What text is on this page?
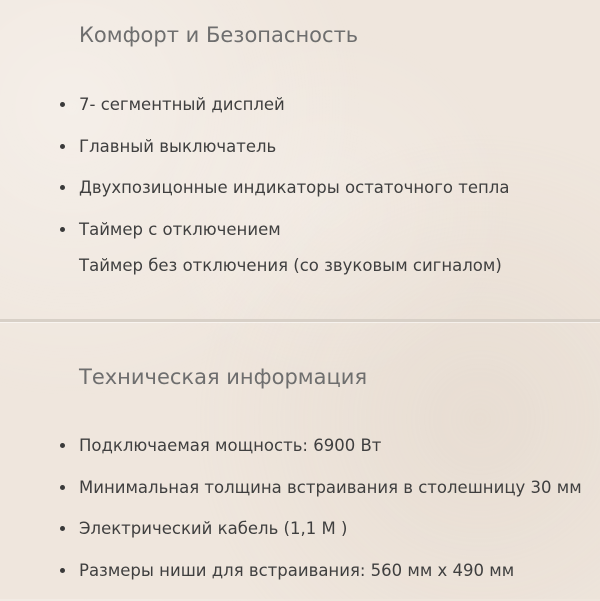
Комфорт и Безопасность
7- сегментный дисплей
Главный выключатель
Двухпозицонные индикаторы остаточного тепла
Таймер с отключением
Таймер без отключения (со звуковым сигналом)
Техническая информация
Подключаемая мощность: 6900 Вт
Минимальная толщина встраивания в столешницу 30 мм
Электрический кабель (1,1 М )
Размеры ниши для встраивания: 560 мм x 490 мм
